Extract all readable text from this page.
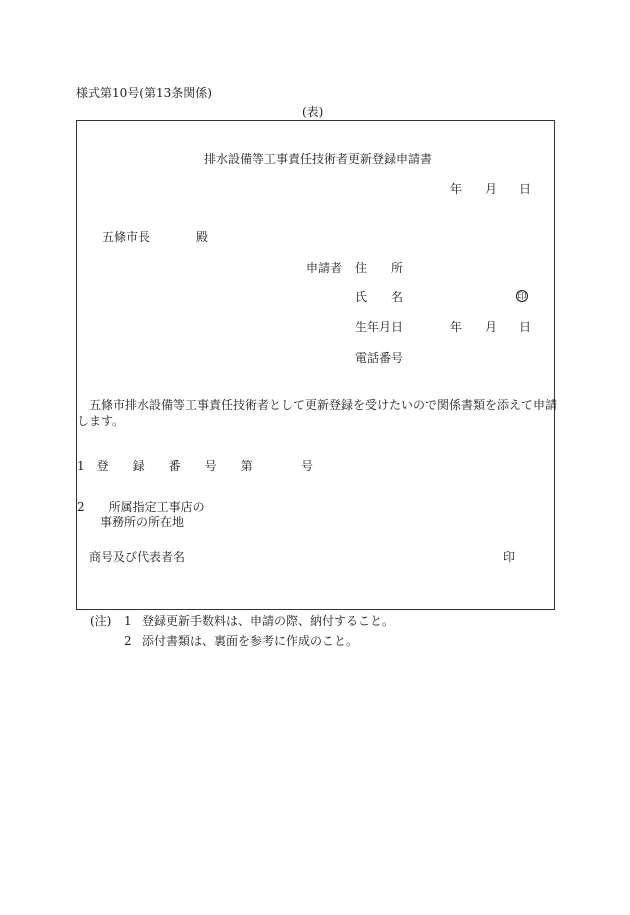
様式第10号(第13条関係)
(表)
排水設備等工事責任技術者更新登録申請書
年 月 日
五條市長	殿
申請者 住　　所
氏　　名	印
生年月日	年 月 日
電話番号
　五條市排水設備等工事責任技術者として更新登録を受けたいので関係書類を添えて申請
します。
1　登　　録　　番　　号　　第	号
2　　所属指定工事店の
事務所の所在地
商号及び代表者名	印
(注) 1 登録更新手数料は、申請の際、納付すること。
2 添付書類は、裏面を参考に作成のこと。
